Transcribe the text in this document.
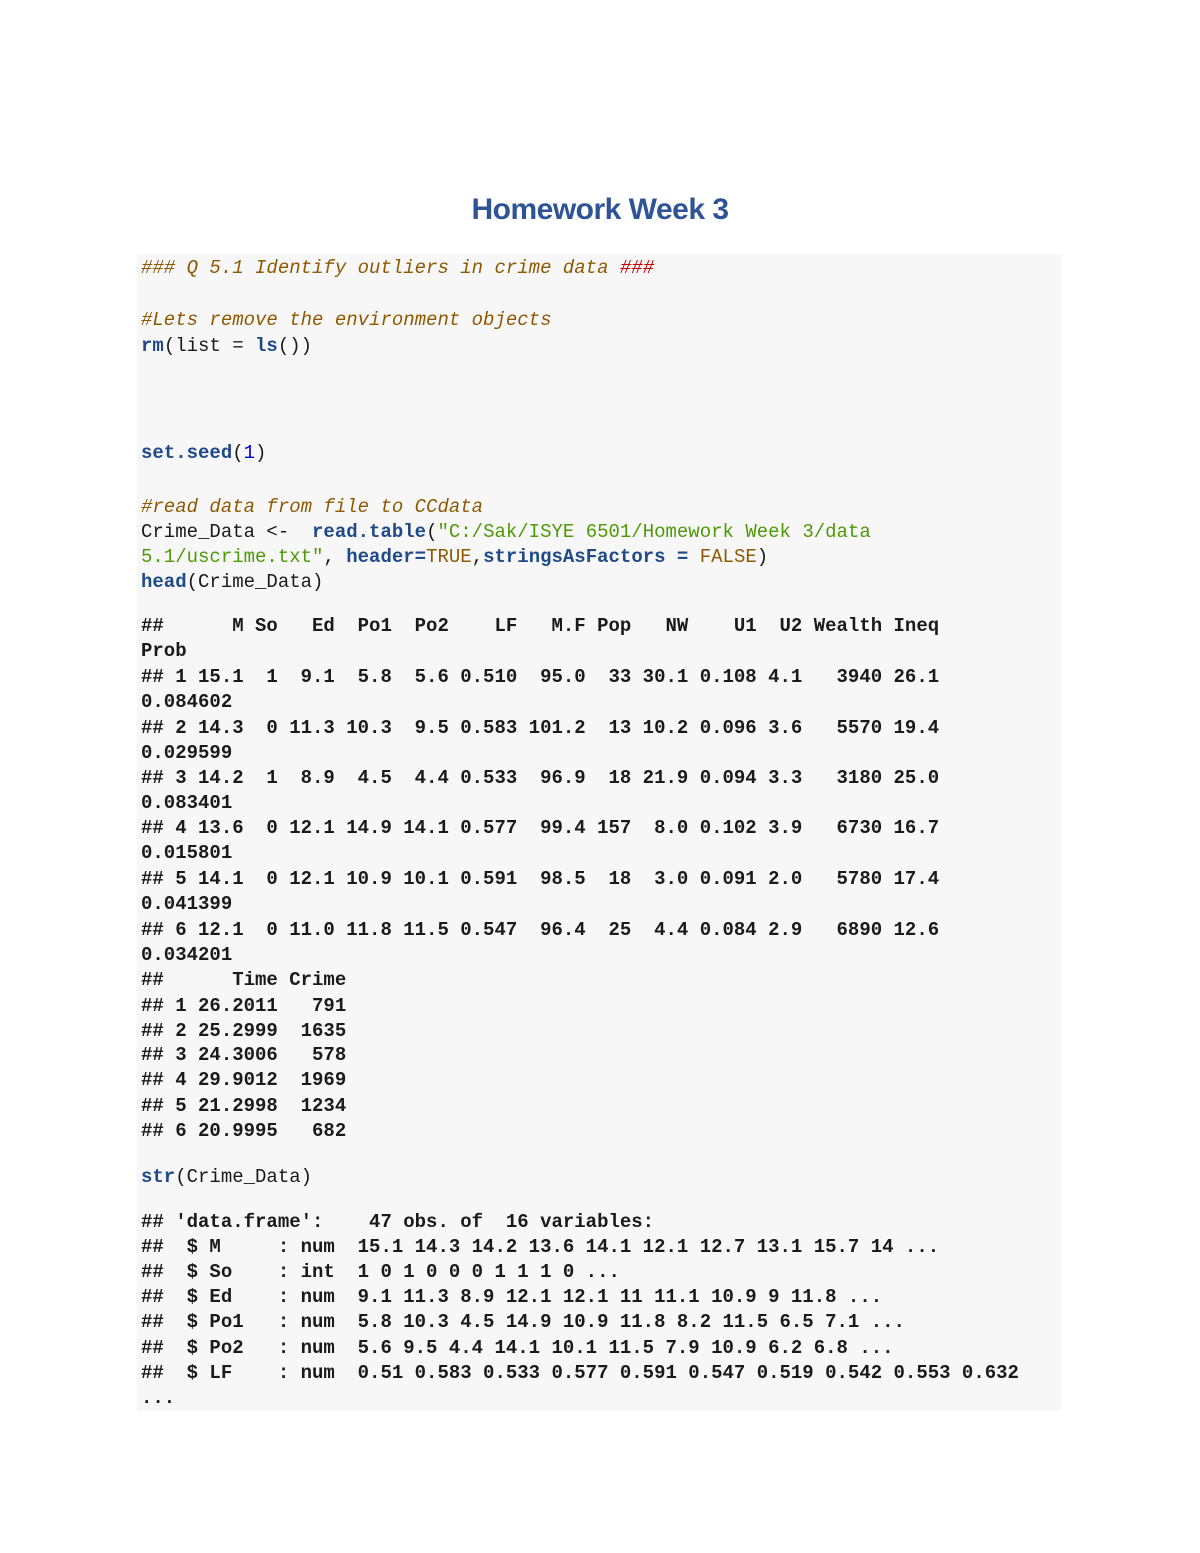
Homework Week 3
### Q 5.1 Identify outliers in crime data ###
#Lets remove the environment objects
rm(list = ls())
set.seed(1)
#read data from file to CCdata
Crime_Data <-  read.table("C:/Sak/ISYE 6501/Homework Week 3/data
5.1/uscrime.txt", header=TRUE,stringsAsFactors = FALSE)
head(Crime_Data)
##      M So   Ed  Po1  Po2    LF   M.F Pop   NW    U1  U2 Wealth Ineq
Prob
## 1 15.1  1  9.1  5.8  5.6 0.510  95.0  33 30.1 0.108 4.1   3940 26.1
0.084602
## 2 14.3  0 11.3 10.3  9.5 0.583 101.2  13 10.2 0.096 3.6   5570 19.4
0.029599
## 3 14.2  1  8.9  4.5  4.4 0.533  96.9  18 21.9 0.094 3.3   3180 25.0
0.083401
## 4 13.6  0 12.1 14.9 14.1 0.577  99.4 157  8.0 0.102 3.9   6730 16.7
0.015801
## 5 14.1  0 12.1 10.9 10.1 0.591  98.5  18  3.0 0.091 2.0   5780 17.4
0.041399
## 6 12.1  0 11.0 11.8 11.5 0.547  96.4  25  4.4 0.084 2.9   6890 12.6
0.034201
##      Time Crime
## 1 26.2011   791
## 2 25.2999  1635
## 3 24.3006   578
## 4 29.9012  1969
## 5 21.2998  1234
## 6 20.9995   682
str(Crime_Data)
## 'data.frame':    47 obs. of  16 variables:
##  $ M     : num  15.1 14.3 14.2 13.6 14.1 12.1 12.7 13.1 15.7 14 ...
##  $ So    : int  1 0 1 0 0 0 1 1 1 0 ...
##  $ Ed    : num  9.1 11.3 8.9 12.1 12.1 11 11.1 10.9 9 11.8 ...
##  $ Po1   : num  5.8 10.3 4.5 14.9 10.9 11.8 8.2 11.5 6.5 7.1 ...
##  $ Po2   : num  5.6 9.5 4.4 14.1 10.1 11.5 7.9 10.9 6.2 6.8 ...
##  $ LF    : num  0.51 0.583 0.533 0.577 0.591 0.547 0.519 0.542 0.553 0.632
...
